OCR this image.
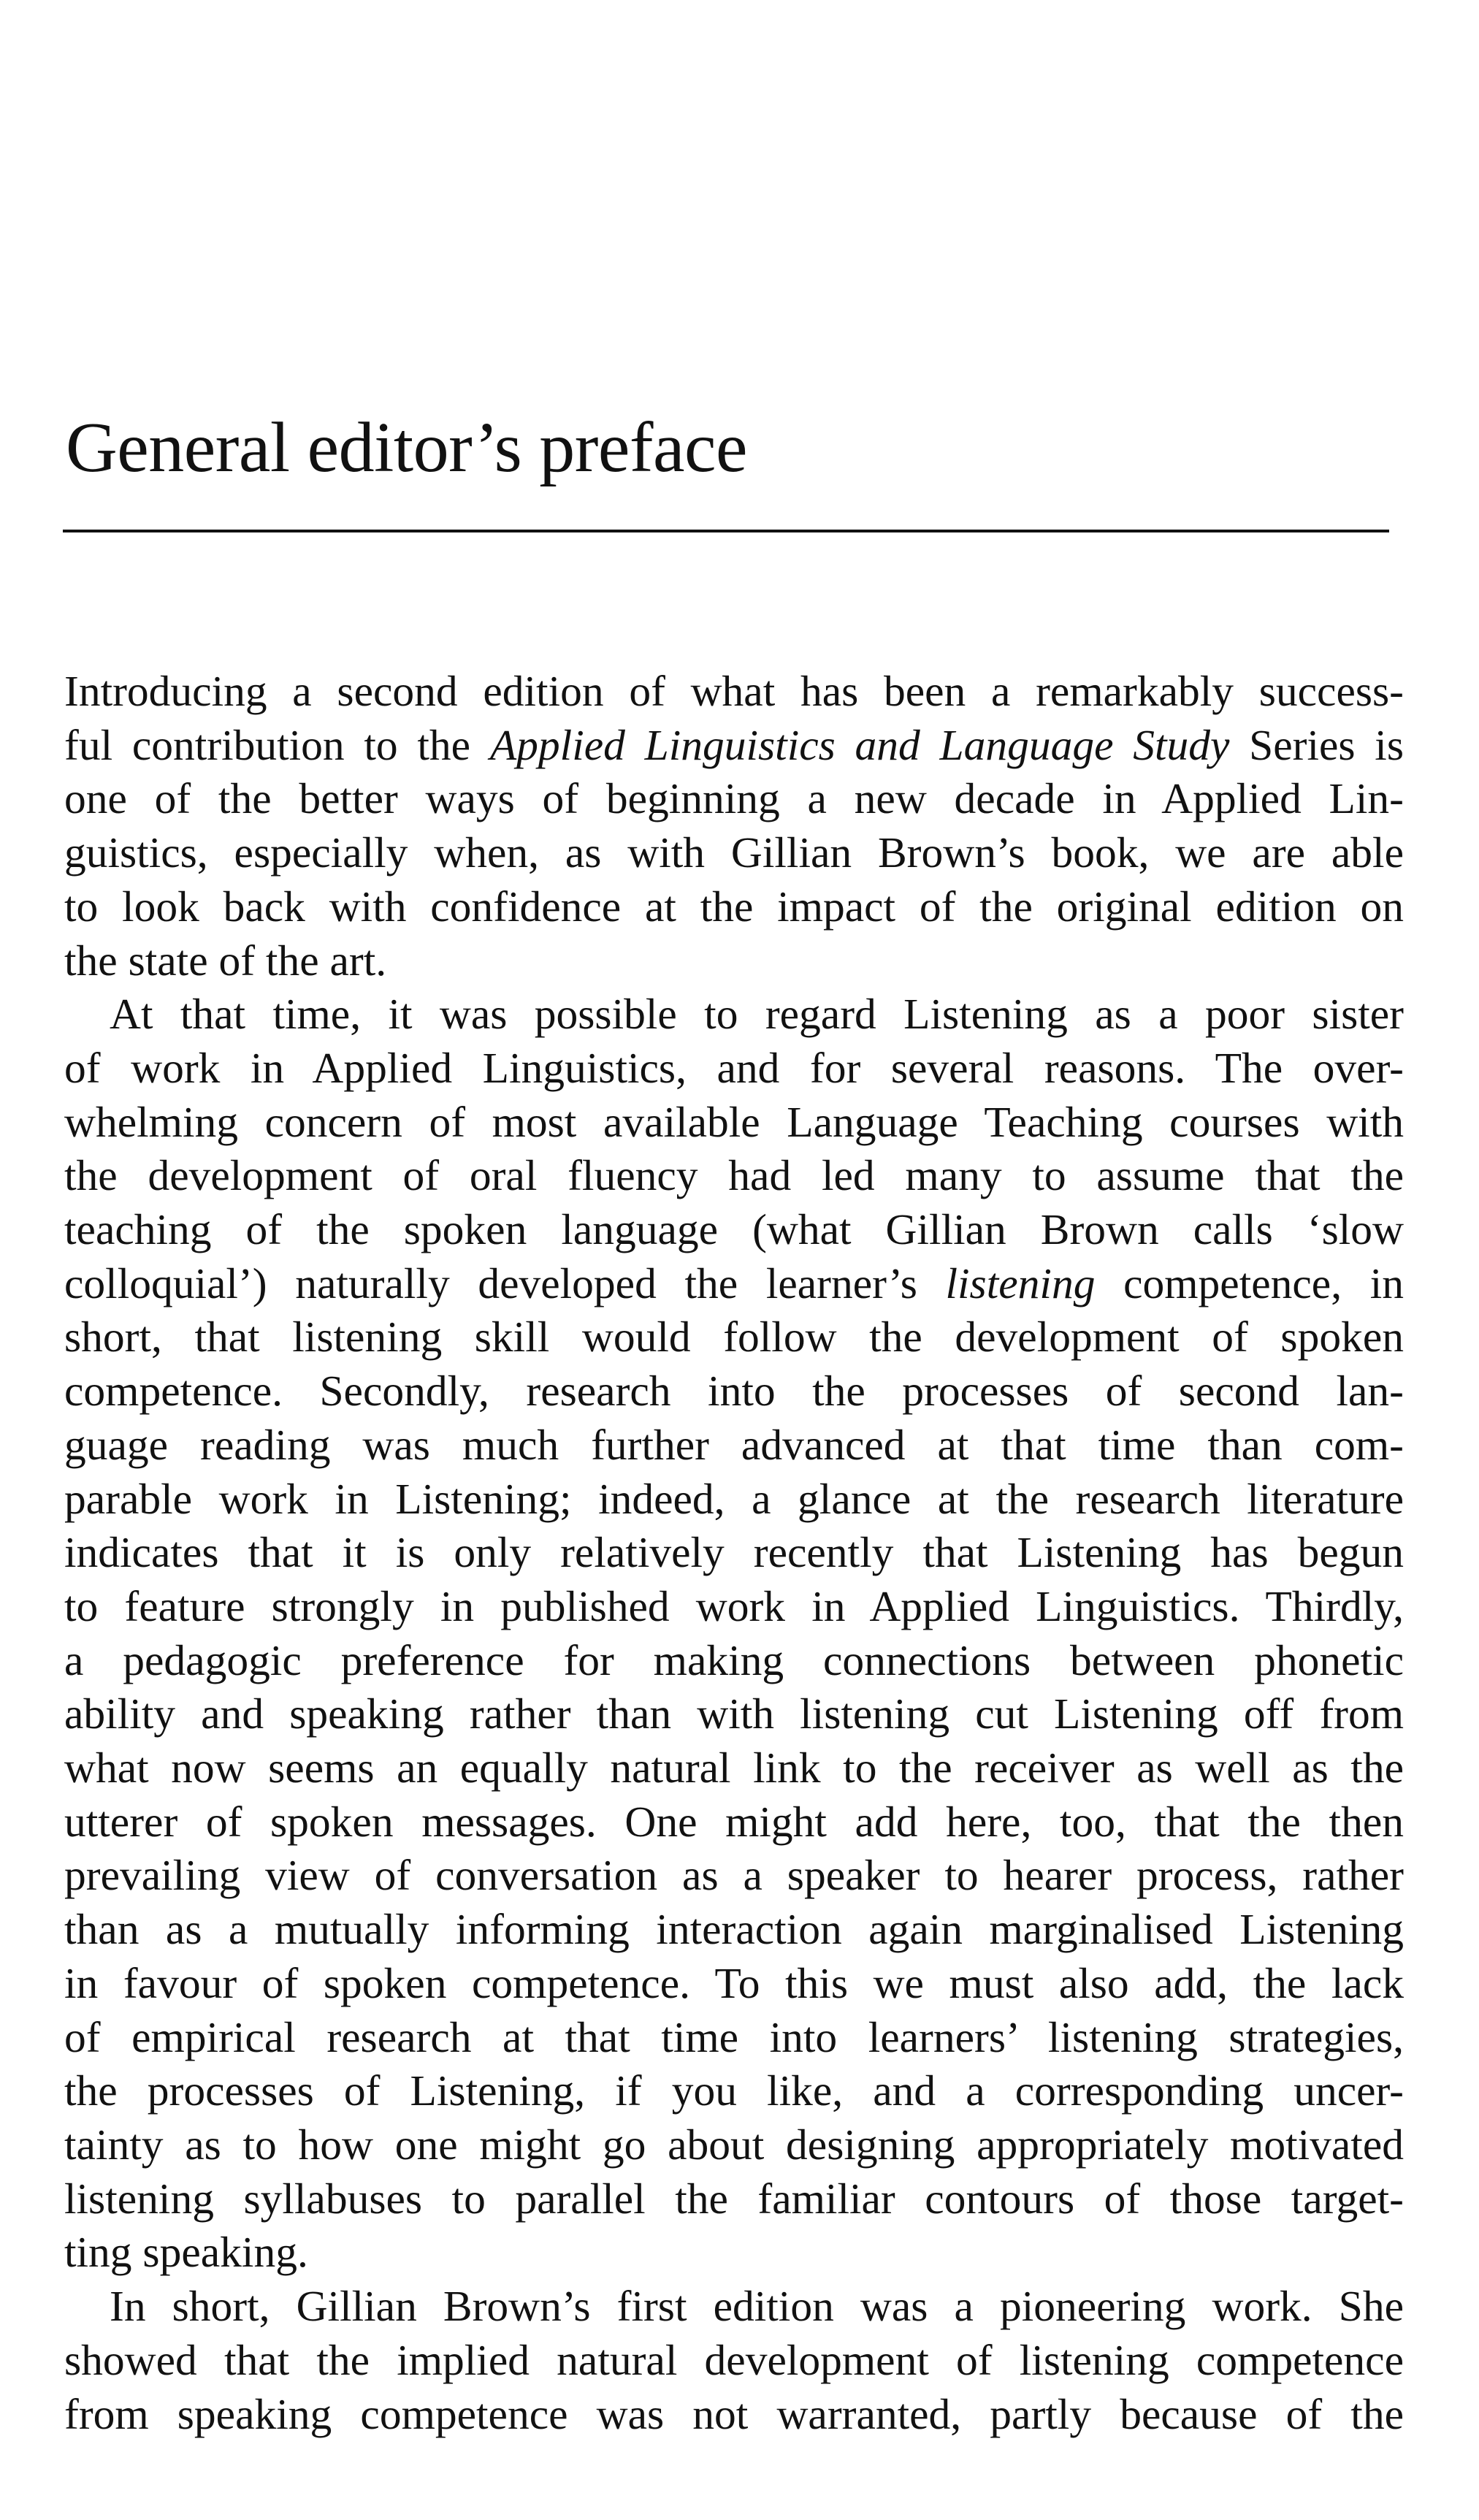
General editor’s preface
Introducing a second edition of what has been a remarkably success-
ful contribution to the Applied Linguistics and Language Study Series is
one of the better ways of beginning a new decade in Applied Lin-
guistics, especially when, as with Gillian Brown’s book, we are able
to look back with confidence at the impact of the original edition on
the state of the art.
At that time, it was possible to regard Listening as a poor sister
of work in Applied Linguistics, and for several reasons. The over-
whelming concern of most available Language Teaching courses with
the development of oral fluency had led many to assume that the
teaching of the spoken language (what Gillian Brown calls ‘slow
colloquial’) naturally developed the learner’s listening competence, in
short, that listening skill would follow the development of spoken
competence. Secondly, research into the processes of second lan-
guage reading was much further advanced at that time than com-
parable work in Listening; indeed, a glance at the research literature
indicates that it is only relatively recently that Listening has begun
to feature strongly in published work in Applied Linguistics. Thirdly,
a pedagogic preference for making connections between phonetic
ability and speaking rather than with listening cut Listening off from
what now seems an equally natural link to the receiver as well as the
utterer of spoken messages. One might add here, too, that the then
prevailing view of conversation as a speaker to hearer process, rather
than as a mutually informing interaction again marginalised Listening
in favour of spoken competence. To this we must also add, the lack
of empirical research at that time into learners’ listening strategies,
the processes of Listening, if you like, and a corresponding uncer-
tainty as to how one might go about designing appropriately motivated
listening syllabuses to parallel the familiar contours of those target-
ting speaking.
In short, Gillian Brown’s first edition was a pioneering work. She
showed that the implied natural development of listening competence
from speaking competence was not warranted, partly because of the
